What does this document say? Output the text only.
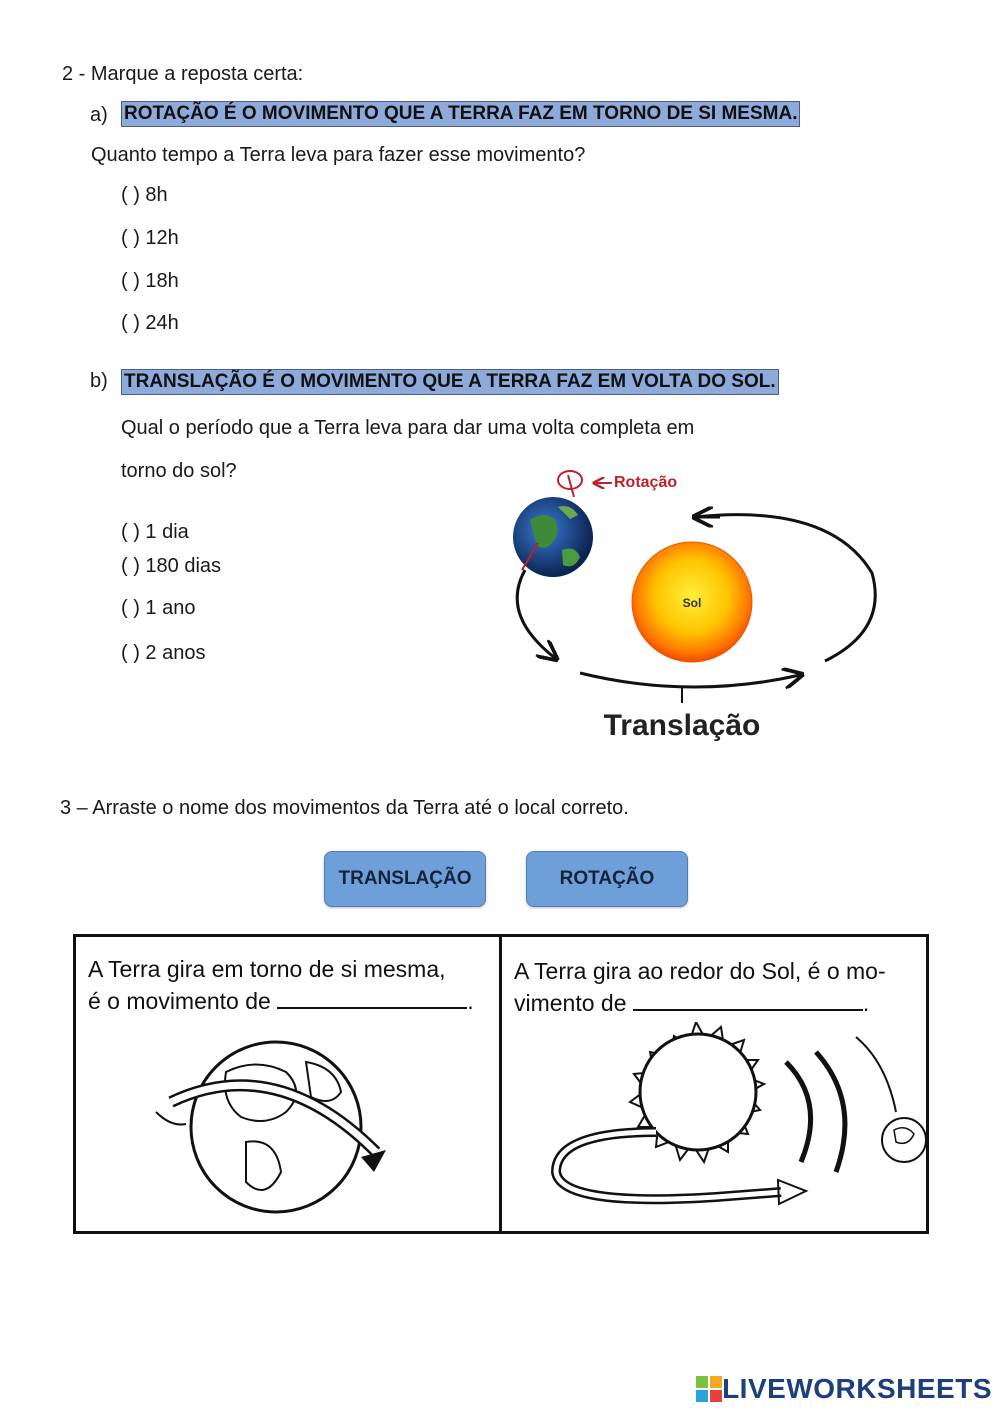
2 - Marque a reposta certa:
a) ROTAÇÃO É O MOVIMENTO QUE A TERRA FAZ EM TORNO DE SI MESMA.
Quanto tempo a Terra leva para fazer esse movimento?
( ) 8h
( ) 12h
( ) 18h
( ) 24h
b) TRANSLAÇÃO É O MOVIMENTO QUE A TERRA FAZ EM VOLTA DO SOL.
Qual o período que a Terra leva para dar uma volta completa em
torno do sol?
( ) 1 dia
( ) 180 dias
( ) 1 ano
( ) 2 anos
Sol
Rotação
Translação
3 – Arraste o nome dos movimentos da Terra até o local correto.
TRANSLAÇÃO	ROTAÇÃO
A Terra gira em torno de si mesma,
é o movimento de	.
A Terra gira ao redor do Sol, é o mo-
vimento de	.
LIVEWORKSHEETS
